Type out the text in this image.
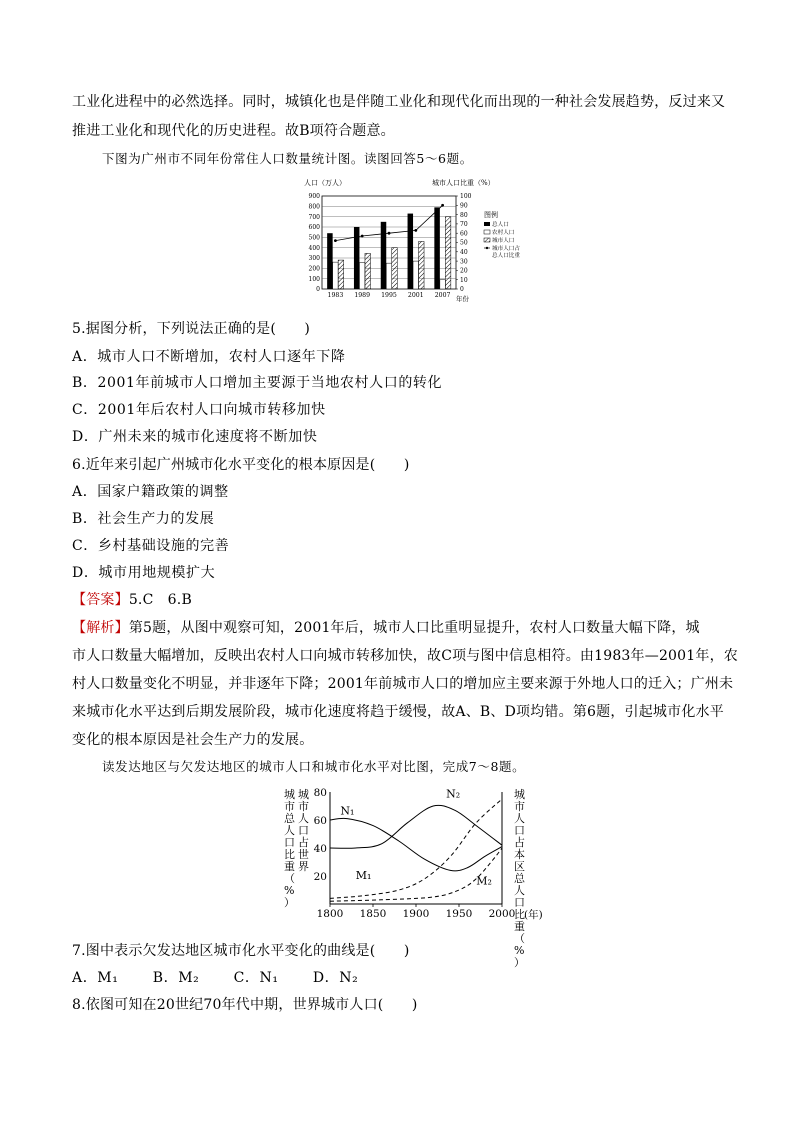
工业化进程中的必然选择。同时，城镇化也是伴随工业化和现代化而出现的一种社会发展趋势，反过来又
推进工业化和现代化的历史进程。故B项符合题意。
下图为广州市不同年份常住人口数量统计图。读图回答5～6题。
人口（万人）	城市人口比重（%）
0
100
200
300
400
500
600
700
800
900
0
10
20
30
40
50
60
70
80
90
100
1983 1989 1995 2001 2007 年份
图例
总人口
农村人口
城市人口
城市人口占
总人口比重
5.据图分析，下列说法正确的是(　　)
A．城市人口不断增加，农村人口逐年下降
B．2001年前城市人口增加主要源于当地农村人口的转化
C．2001年后农村人口向城市转移加快
D．广州未来的城市化速度将不断加快
6.近年来引起广州城市化水平变化的根本原因是(　　)
A．国家户籍政策的调整
B．社会生产力的发展
C．乡村基础设施的完善
D．城市用地规模扩大
【答案】5.C　6.B
【解析】第5题，从图中观察可知，2001年后，城市人口比重明显提升，农村人口数量大幅下降，城
市人口数量大幅增加，反映出农村人口向城市转移加快，故C项与图中信息相符。由1983年—2001年，农
村人口数量变化不明显，并非逐年下降；2001年前城市人口的增加应主要来源于外地人口的迁入；广州未
来城市化水平达到后期发展阶段，城市化速度将趋于缓慢，故A、B、D项均错。第6题，引起城市化水平
变化的根本原因是社会生产力的发展。
读发达地区与欠发达地区的城市人口和城市化水平对比图，完成7～8题。
城市总人口比重（%）
城市人口占世界
城市人口占本区总人口比重（%）
20
40
60
80
1800 1850 1900 1950 2000
N₁
N₂
M₁	M₂
(年)
7.图中表示欠发达地区城市化水平变化的曲线是(　　)
A．M₁　　 B．M₂　　 C．N₁　　 D．N₂
8.依图可知在20世纪70年代中期，世界城市人口(　　)
